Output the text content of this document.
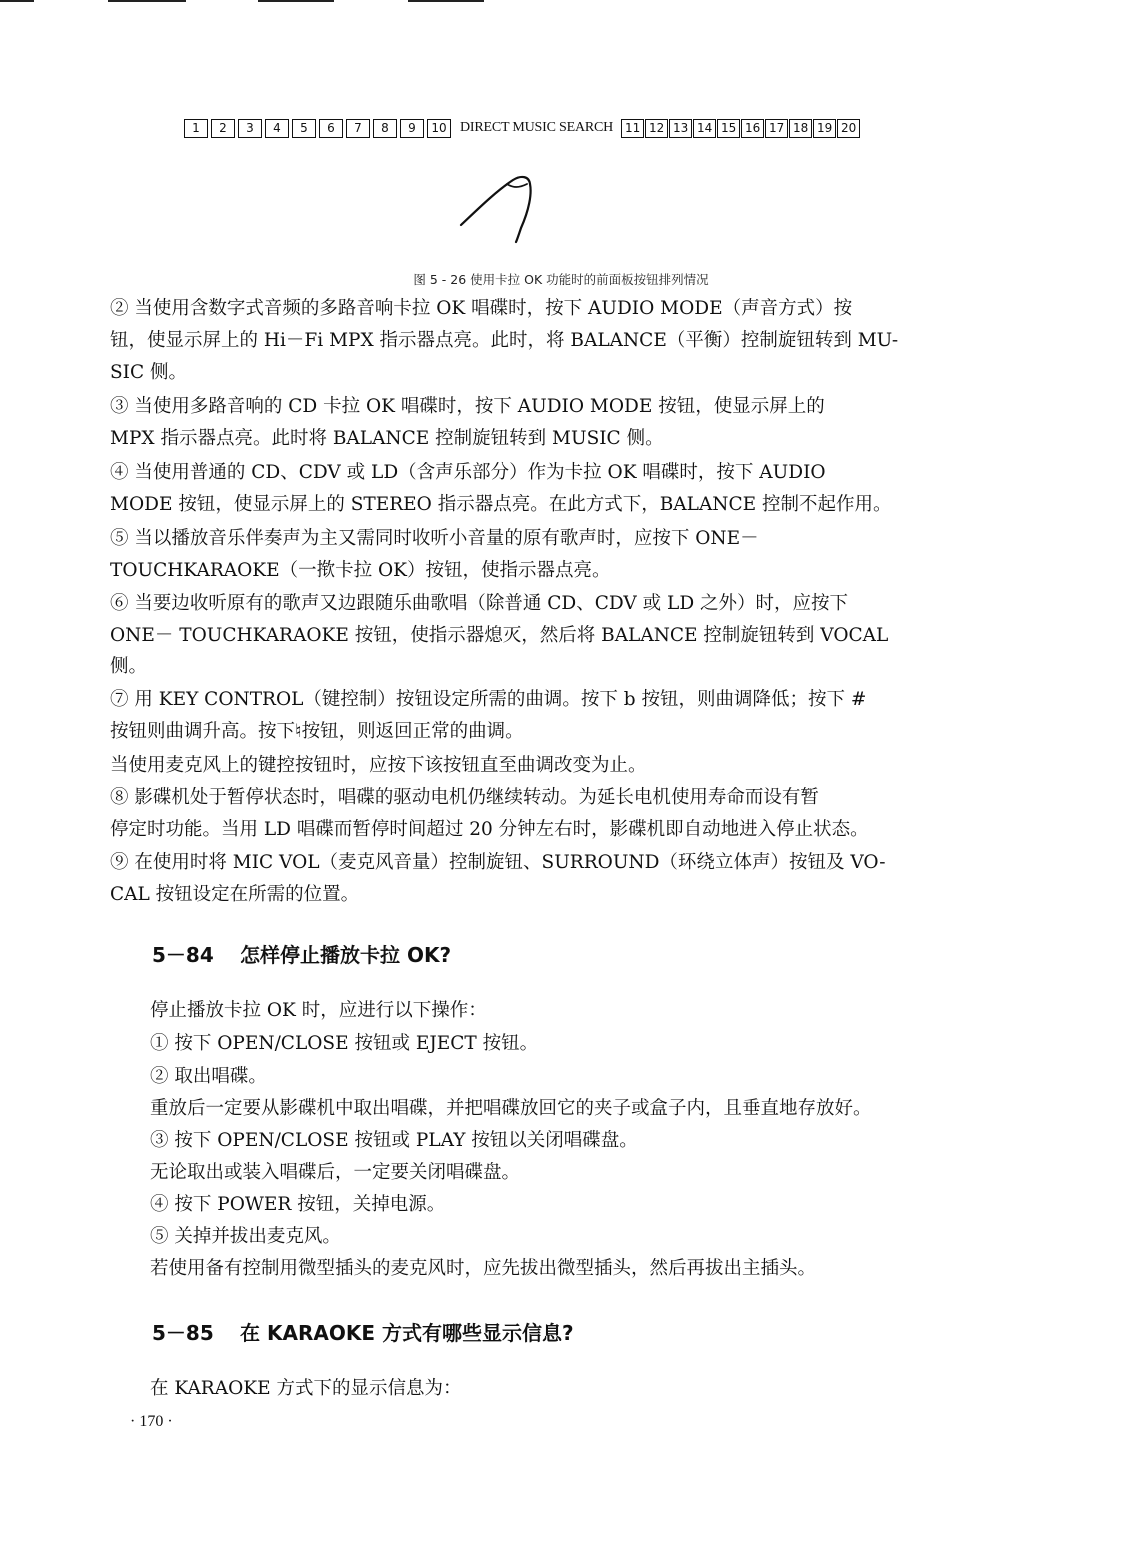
1	2	3	4	5	6	7	8	9	10 DIRECT MUSIC SEARCH 11 12 13 14 15 16 17 18 19 20
图 5 - 26 使用卡拉 OK 功能时的前面板按钮排列情况
② 当使用含数字式音频的多路音响卡拉 OK 唱碟时，按下 AUDIO MODE（声音方式）按
钮，使显示屏上的 Hi－Fi MPX 指示器点亮。此时，将 BALANCE（平衡）控制旋钮转到 MU-
SIC 侧。
③ 当使用多路音响的 CD 卡拉 OK 唱碟时，按下 AUDIO MODE 按钮，使显示屏上的
MPX 指示器点亮。此时将 BALANCE 控制旋钮转到 MUSIC 侧。
④ 当使用普通的 CD、CDV 或 LD（含声乐部分）作为卡拉 OK 唱碟时，按下 AUDIO
MODE 按钮，使显示屏上的 STEREO 指示器点亮。在此方式下，BALANCE 控制不起作用。
⑤ 当以播放音乐伴奏声为主又需同时收听小音量的原有歌声时，应按下 ONE－
TOUCHKARAOKE（一揿卡拉 OK）按钮，使指示器点亮。
⑥ 当要边收听原有的歌声又边跟随乐曲歌唱（除普通 CD、CDV 或 LD 之外）时，应按下
ONE－ TOUCHKARAOKE 按钮，使指示器熄灭，然后将 BALANCE 控制旋钮转到 VOCAL
侧。
⑦ 用 KEY CONTROL（键控制）按钮设定所需的曲调。按下 b 按钮，则曲调降低；按下 #
按钮则曲调升高。按下♮按钮，则返回正常的曲调。
当使用麦克风上的键控按钮时，应按下该按钮直至曲调改变为止。
⑧ 影碟机处于暂停状态时，唱碟的驱动电机仍继续转动。为延长电机使用寿命而设有暂
停定时功能。当用 LD 唱碟而暂停时间超过 20 分钟左右时，影碟机即自动地进入停止状态。
⑨ 在使用时将 MIC VOL（麦克风音量）控制旋钮、SURROUND（环绕立体声）按钮及 VO-
CAL 按钮设定在所需的位置。
5－84 怎样停止播放卡拉 OK?
停止播放卡拉 OK 时，应进行以下操作：
① 按下 OPEN/CLOSE 按钮或 EJECT 按钮。
② 取出唱碟。
重放后一定要从影碟机中取出唱碟，并把唱碟放回它的夹子或盒子内，且垂直地存放好。
③ 按下 OPEN/CLOSE 按钮或 PLAY 按钮以关闭唱碟盘。
无论取出或装入唱碟后，一定要关闭唱碟盘。
④ 按下 POWER 按钮，关掉电源。
⑤ 关掉并拔出麦克风。
若使用备有控制用微型插头的麦克风时，应先拔出微型插头，然后再拔出主插头。
5－85 在 KARAOKE 方式有哪些显示信息?
在 KARAOKE 方式下的显示信息为：
· 170 ·
